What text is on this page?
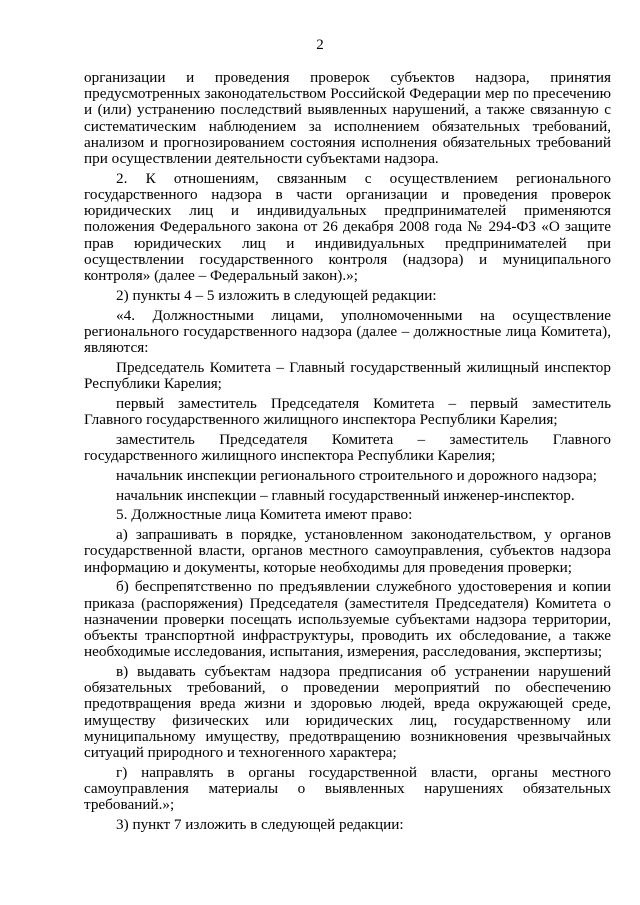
2

организации и проведения проверок субъектов надзора, принятия предусмотренных законодательством Российской Федерации мер по пресечению и (или) устранению последствий выявленных нарушений, а также связанную с систематическим наблюдением за исполнением обязательных требований, анализом и прогнозированием состояния исполнения обязательных требований при осуществлении деятельности субъектами надзора.

2. К отношениям, связанным с осуществлением регионального государственного надзора в части организации и проведения проверок юридических лиц и индивидуальных предпринимателей применяются положения Федерального закона от 26 декабря 2008 года № 294-ФЗ «О защите прав юридических лиц и индивидуальных предпринимателей при осуществлении государственного контроля (надзора) и муниципального контроля» (далее – Федеральный закон).»;

2) пункты 4 – 5 изложить в следующей редакции:

«4. Должностными лицами, уполномоченными на осуществление регионального государственного надзора (далее – должностные лица Комитета), являются:

Председатель Комитета – Главный государственный жилищный инспектор Республики Карелия;

первый заместитель Председателя Комитета – первый заместитель Главного государственного жилищного инспектора Республики Карелия;

заместитель Председателя Комитета – заместитель Главного государственного жилищного инспектора Республики Карелия;

начальник инспекции регионального строительного и дорожного надзора;

начальник инспекции – главный государственный инженер-инспектор.

5. Должностные лица Комитета имеют право:

а) запрашивать в порядке, установленном законодательством, у органов государственной власти, органов местного самоуправления, субъектов надзора информацию и документы, которые необходимы для проведения проверки;

б) беспрепятственно по предъявлении служебного удостоверения и копии приказа (распоряжения) Председателя (заместителя Председателя) Комитета о назначении проверки посещать используемые субъектами надзора территории, объекты транспортной инфраструктуры, проводить их обследование, а также необходимые исследования, испытания, измерения, расследования, экспертизы;

в) выдавать субъектам надзора предписания об устранении нарушений обязательных требований, о проведении мероприятий по обеспечению предотвращения вреда жизни и здоровью людей, вреда окружающей среде, имуществу физических или юридических лиц, государственному или муниципальному имуществу, предотвращению возникновения чрезвычайных ситуаций природного и техногенного характера;

г) направлять в органы государственной власти, органы местного самоуправления материалы о выявленных нарушениях обязательных требований.»;

3) пункт 7 изложить в следующей редакции:
